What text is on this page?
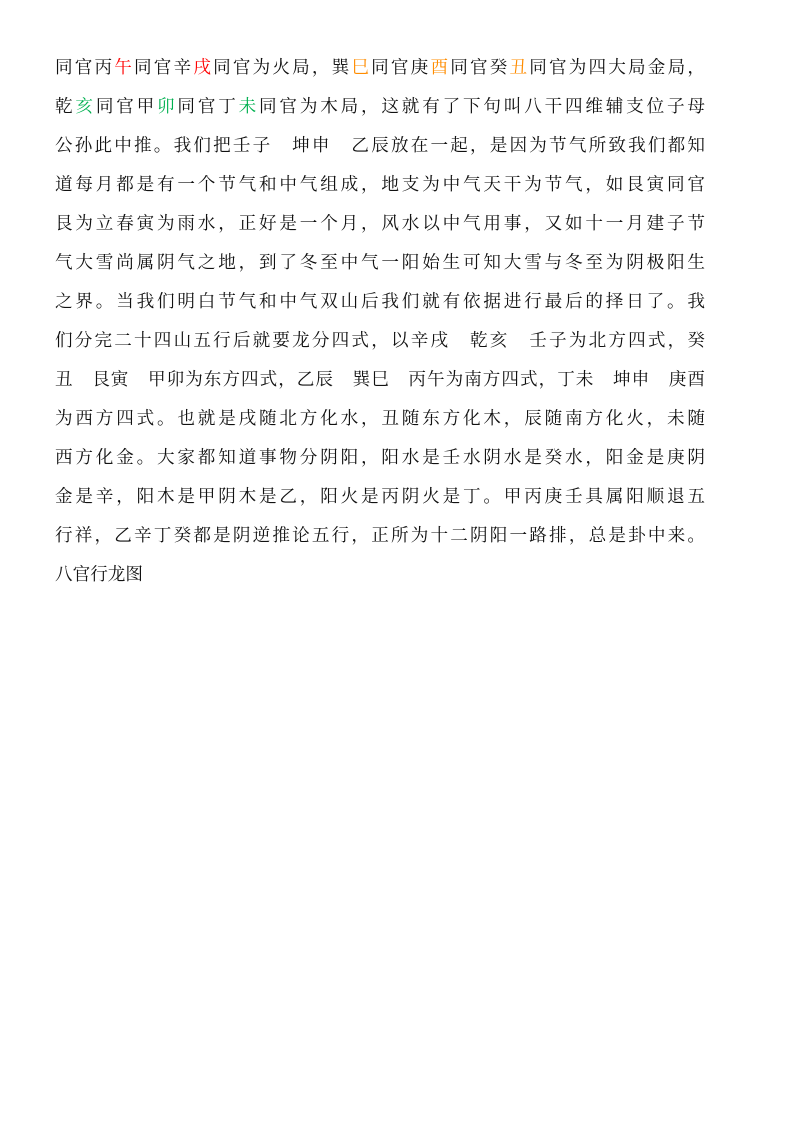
同官丙午同官辛戌同官为火局，巽巳同官庚酉同官癸丑同官为四大局金局，
乾亥同官甲卯同官丁未同官为木局，这就有了下句叫八干四维辅支位子母
公孙此中推。我们把壬子　坤申　乙辰放在一起，是因为节气所致我们都知
道每月都是有一个节气和中气组成，地支为中气天干为节气，如艮寅同官
艮为立春寅为雨水，正好是一个月，风水以中气用事，又如十一月建子节
气大雪尚属阴气之地，到了冬至中气一阳始生可知大雪与冬至为阴极阳生
之界。当我们明白节气和中气双山后我们就有依据进行最后的择日了。我
们分完二十四山五行后就要龙分四式，以辛戌　乾亥　壬子为北方四式，癸
丑　艮寅　甲卯为东方四式，乙辰　巽巳　丙午为南方四式，丁未　坤申　庚酉
为西方四式。也就是戌随北方化水，丑随东方化木，辰随南方化火，未随
西方化金。大家都知道事物分阴阳，阳水是壬水阴水是癸水，阳金是庚阴
金是辛，阳木是甲阴木是乙，阳火是丙阴火是丁。甲丙庚壬具属阳顺退五
行祥，乙辛丁癸都是阴逆推论五行，正所为十二阴阳一路排，总是卦中来。
八官行龙图
